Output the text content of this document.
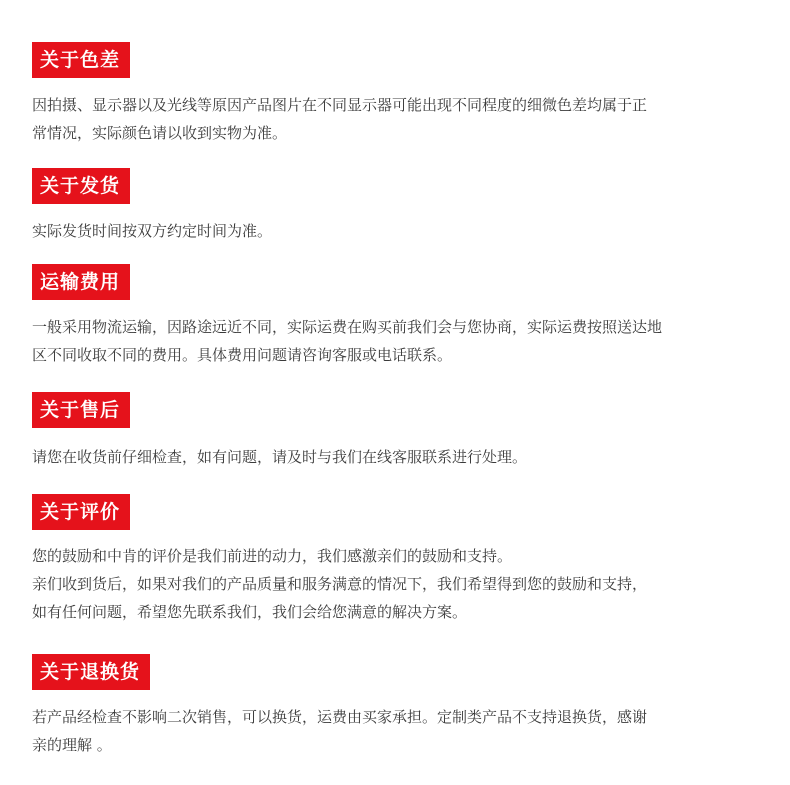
关于色差
因拍摄、显示器以及光线等原因产品图片在不同显示器可能出现不同程度的细微色差均属于正
常情况，实际颜色请以收到实物为准。
关于发货
实际发货时间按双方约定时间为准。
运输费用
一般采用物流运输，因路途远近不同，实际运费在购买前我们会与您协商，实际运费按照送达地
区不同收取不同的费用。具体费用问题请咨询客服或电话联系。
关于售后
请您在收货前仔细检查，如有问题，请及时与我们在线客服联系进行处理。
关于评价
您的鼓励和中肯的评价是我们前进的动力，我们感激亲们的鼓励和支持。
亲们收到货后，如果对我们的产品质量和服务满意的情况下，我们希望得到您的鼓励和支持，
如有任何问题，希望您先联系我们，我们会给您满意的解决方案。
关于退换货
若产品经检查不影响二次销售，可以换货，运费由买家承担。定制类产品不支持退换货，感谢
亲的理解 。
